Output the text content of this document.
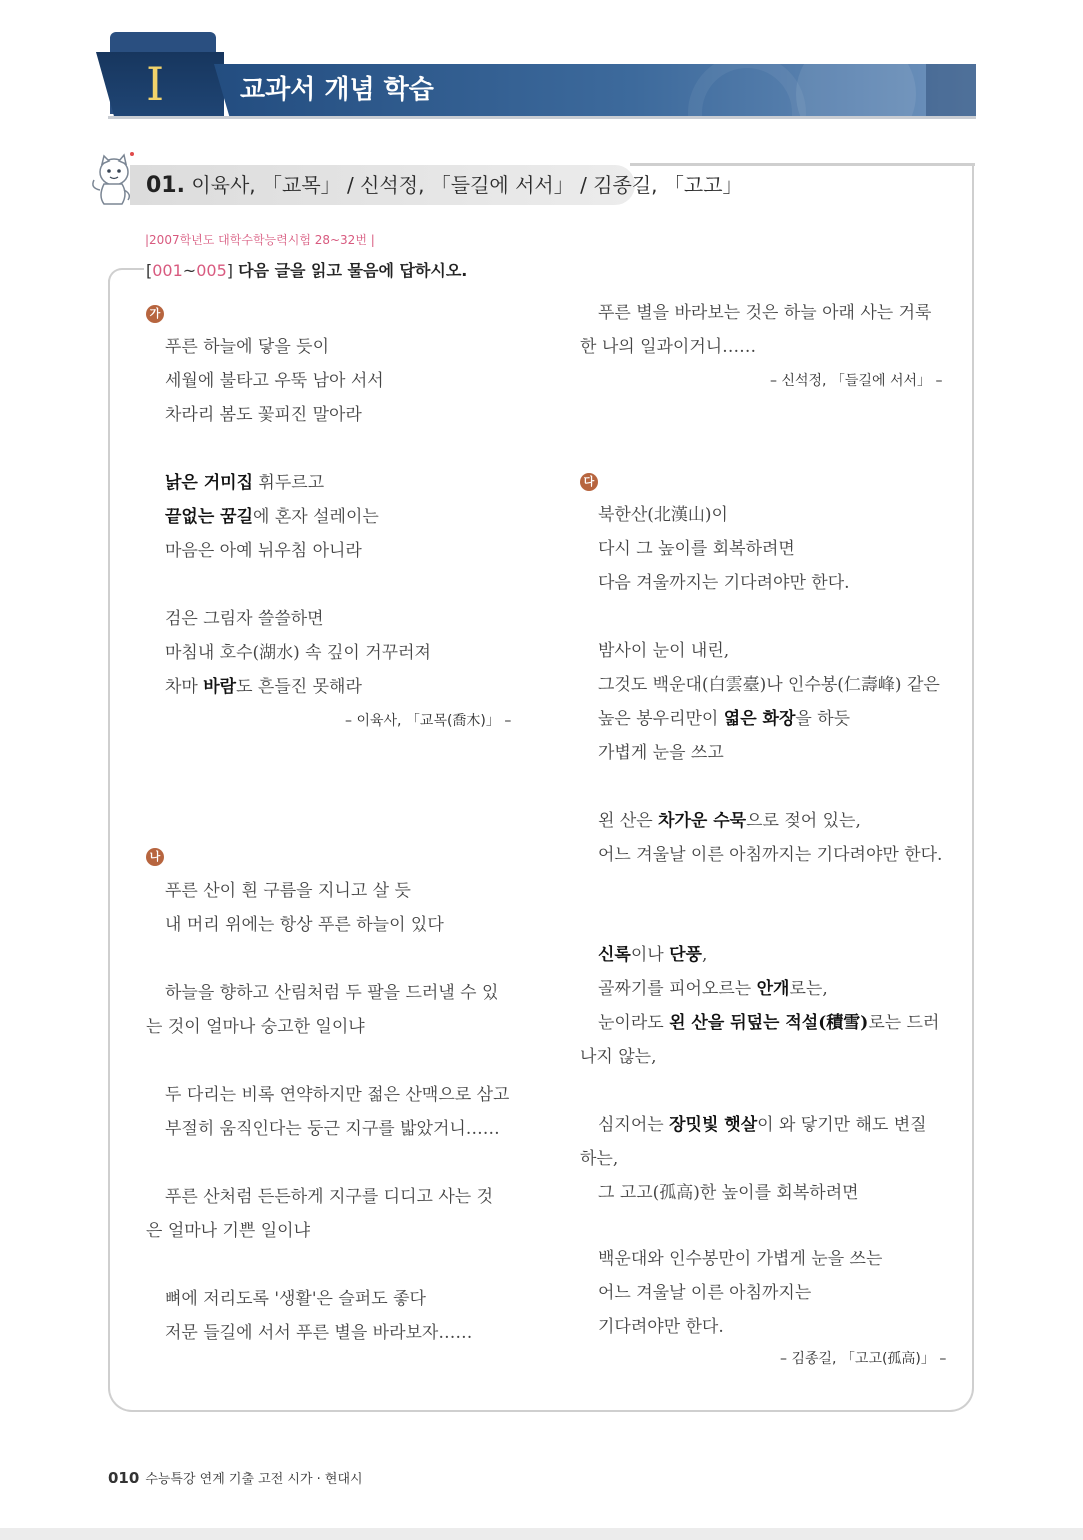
I	교과서 개념 학습
01. 이육사, 「교목」 / 신석정, 「들길에 서서」 / 김종길, 「고고」
|2007학년도 대학수학능력시험 28~32번 |
[001~005] 다음 글을 읽고 물음에 답하시오.
가
푸른 하늘에 닿을 듯이
세월에 불타고 우뚝 남아 서서
차라리 봄도 꽃피진 말아라
낡은 거미집 휘두르고
끝없는 꿈길에 혼자 설레이는
마음은 아예 뉘우침 아니라
검은 그림자 쓸쓸하면
마침내 호수(湖水) 속 깊이 거꾸러져
차마 바람도 흔들진 못해라
– 이육사, 「교목(喬木)」 –
나
푸른 산이 흰 구름을 지니고 살 듯
내 머리 위에는 항상 푸른 하늘이 있다
하늘을 향하고 산림처럼 두 팔을 드러낼 수 있
는 것이 얼마나 숭고한 일이냐
두 다리는 비록 연약하지만 젊은 산맥으로 삼고
부절히 움직인다는 둥근 지구를 밟았거니……
푸른 산처럼 든든하게 지구를 디디고 사는 것
은 얼마나 기쁜 일이냐
뼈에 저리도록 '생활'은 슬퍼도 좋다
저문 들길에 서서 푸른 별을 바라보자……
푸른 별을 바라보는 것은 하늘 아래 사는 거룩
한 나의 일과이거니……
– 신석정, 「들길에 서서」 –
다
북한산(北漢山)이
다시 그 높이를 회복하려면
다음 겨울까지는 기다려야만 한다.
밤사이 눈이 내린,
그것도 백운대(白雲臺)나 인수봉(仁壽峰) 같은
높은 봉우리만이 엷은 화장을 하듯
가볍게 눈을 쓰고
왼 산은 차가운 수묵으로 젖어 있는,
어느 겨울날 이른 아침까지는 기다려야만 한다.
신록이나 단풍,
골짜기를 피어오르는 안개로는,
눈이라도 왼 산을 뒤덮는 적설(積雪)로는 드러
나지 않는,
심지어는 장밋빛 햇살이 와 닿기만 해도 변질
하는,
그 고고(孤高)한 높이를 회복하려면
백운대와 인수봉만이 가볍게 눈을 쓰는
어느 겨울날 이른 아침까지는
기다려야만 한다.
– 김종길, 「고고(孤高)」 –
010 수능특강 연계 기출 고전 시가 · 현대시
